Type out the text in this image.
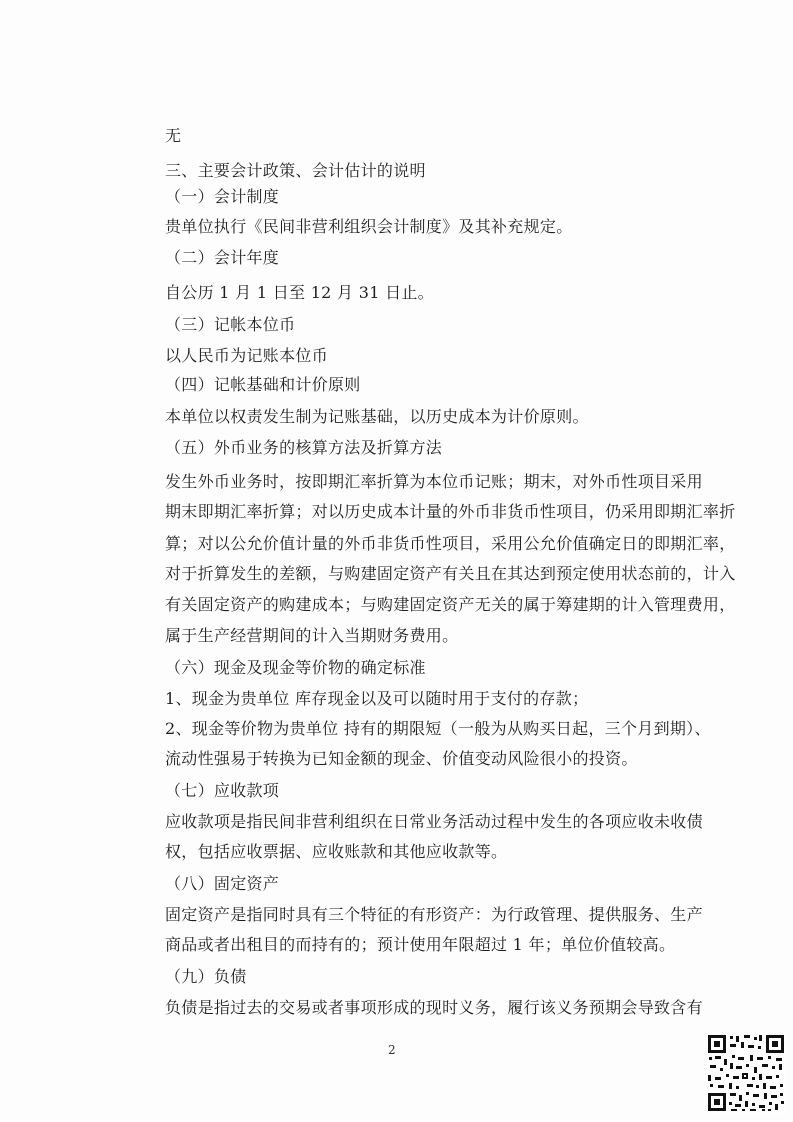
无
三、主要会计政策、会计估计的说明
（一）会计制度
贵单位执行《民间非营利组织会计制度》及其补充规定。
（二）会计年度
自公历 1 月 1 日至 12 月 31 日止。
（三）记帐本位币
以人民币为记账本位币
（四）记帐基础和计价原则
本单位以权责发生制为记账基础，以历史成本为计价原则。
（五）外币业务的核算方法及折算方法
发生外币业务时，按即期汇率折算为本位币记账；期末，对外币性项目采用
期末即期汇率折算；对以历史成本计量的外币非货币性项目，仍采用即期汇率折
算；对以公允价值计量的外币非货币性项目，采用公允价值确定日的即期汇率，
对于折算发生的差额，与购建固定资产有关且在其达到预定使用状态前的，计入
有关固定资产的购建成本；与购建固定资产无关的属于筹建期的计入管理费用，
属于生产经营期间的计入当期财务费用。
（六）现金及现金等价物的确定标准
1、现金为贵单位 库存现金以及可以随时用于支付的存款；
2、现金等价物为贵单位 持有的期限短（一般为从购买日起，三个月到期）、
流动性强易于转换为已知金额的现金、价值变动风险很小的投资。
（七）应收款项
应收款项是指民间非营利组织在日常业务活动过程中发生的各项应收未收债
权，包括应收票据、应收账款和其他应收款等。
（八）固定资产
固定资产是指同时具有三个特征的有形资产：为行政管理、提供服务、生产
商品或者出租目的而持有的；预计使用年限超过 1 年；单位价值较高。
（九）负债
负债是指过去的交易或者事项形成的现时义务，履行该义务预期会导致含有
2
